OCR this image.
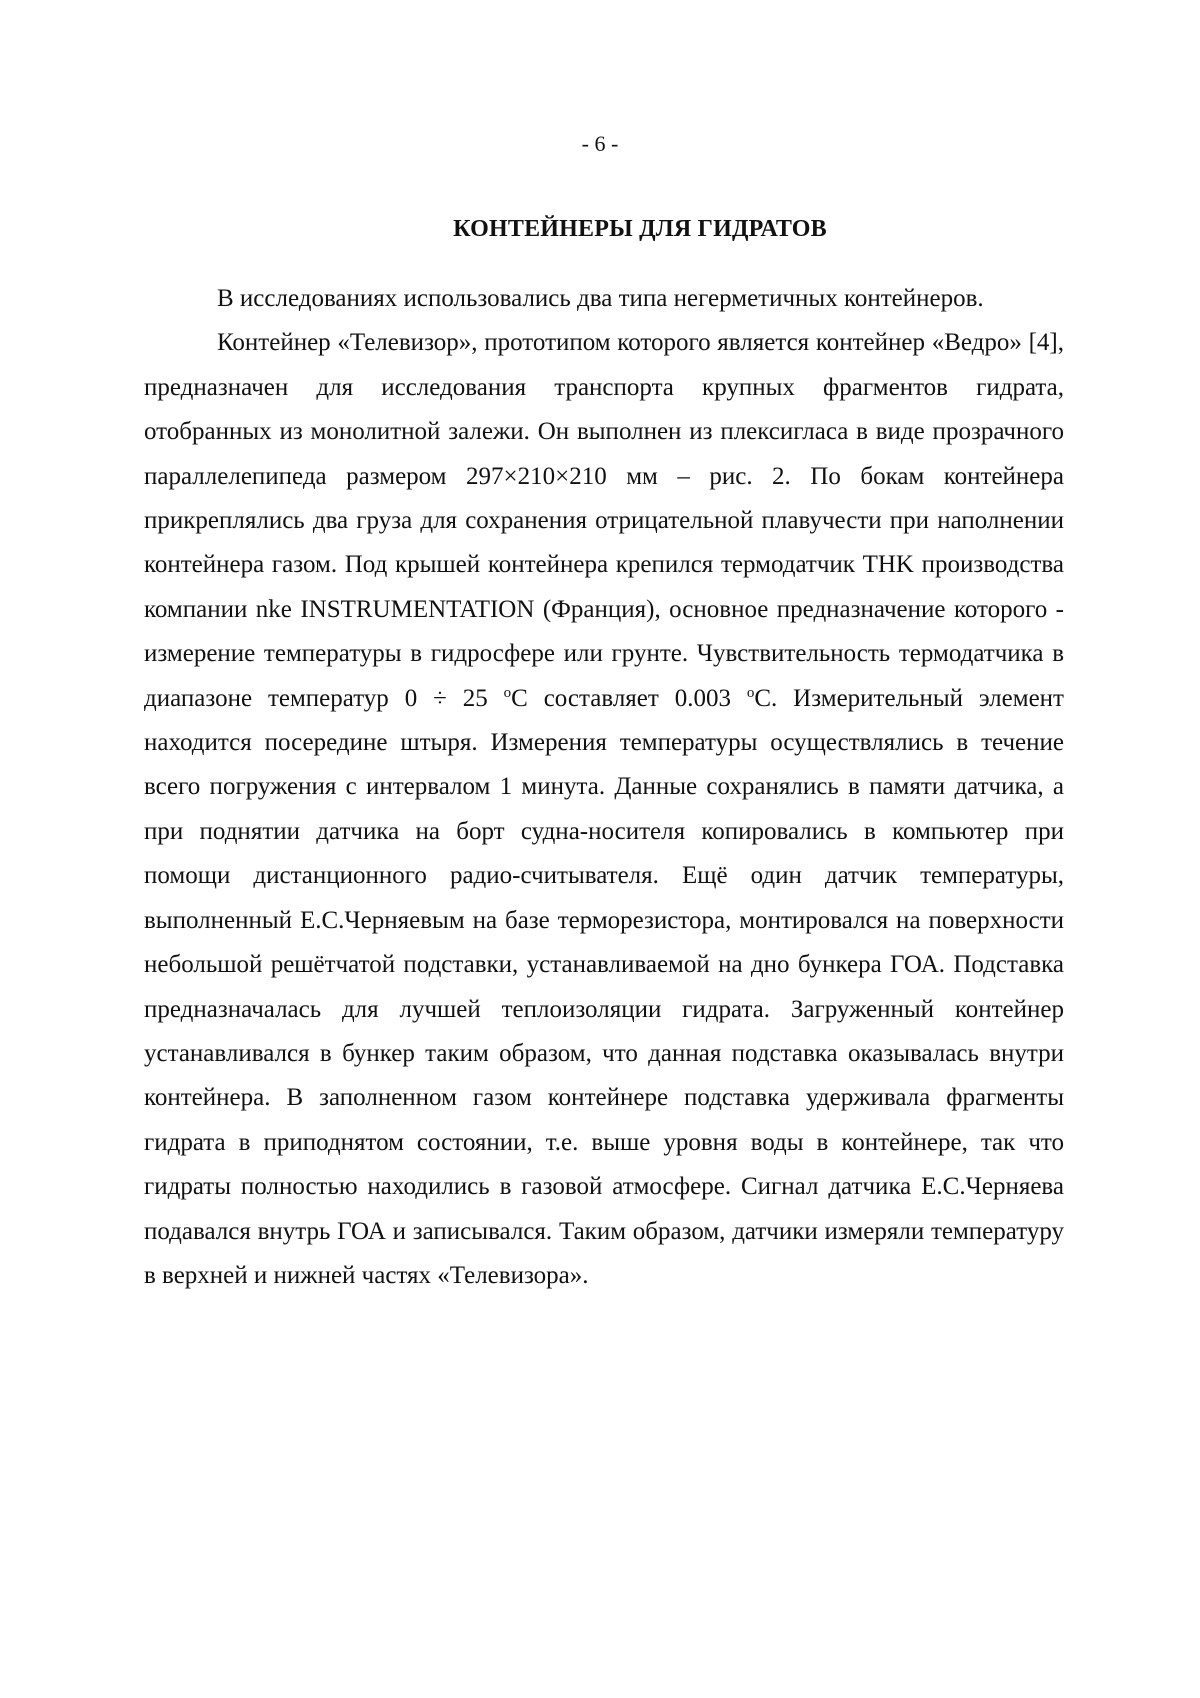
- 6 -
КОНТЕЙНЕРЫ ДЛЯ ГИДРАТОВ

В исследованиях использовались два типа негерметичных контейнеров.

Контейнер «Телевизор», прототипом которого является контейнер «Ведро» [4], предназначен для исследования транспорта крупных фрагментов гидрата, отобранных из монолитной залежи. Он выполнен из плексигласа в виде прозрачного параллелепипеда размером 297×210×210 мм – рис. 2. По бокам контейнера прикреплялись два груза для сохранения отрицательной плавучести при наполнении контейнера газом. Под крышей контейнера крепился термодатчик THK производства компании nke INSTRUMENTATION (Франция), основное предназначение которого - измерение температуры в гидросфере или грунте. Чувствительность термодатчика в диапазоне температур 0 ÷ 25 $^o$C составляет 0.003 $^o$C. Измерительный элемент находится посередине штыря. Измерения температуры осуществлялись в течение всего погружения с интервалом 1 минута. Данные сохранялись в памяти датчика, а при поднятии датчика на борт судна-носителя копировались в компьютер при помощи дистанционного радио-считывателя. Ещё один датчик температуры, выполненный Е.С.Черняевым на базе терморезистора, монтировался на поверхности небольшой решётчатой подставки, устанавливаемой на дно бункера ГОА. Подставка предназначалась для лучшей теплоизоляции гидрата. Загруженный контейнер устанавливался в бункер таким образом, что данная подставка оказывалась внутри контейнера. В заполненном газом контейнере подставка удерживала фрагменты гидрата в приподнятом состоянии, т.е. выше уровня воды в контейнере, так что гидраты полностью находились в газовой атмосфере. Сигнал датчика Е.С.Черняева подавался внутрь ГОА и записывался. Таким образом, датчики измеряли температуру в верхней и нижней частях «Телевизора».
